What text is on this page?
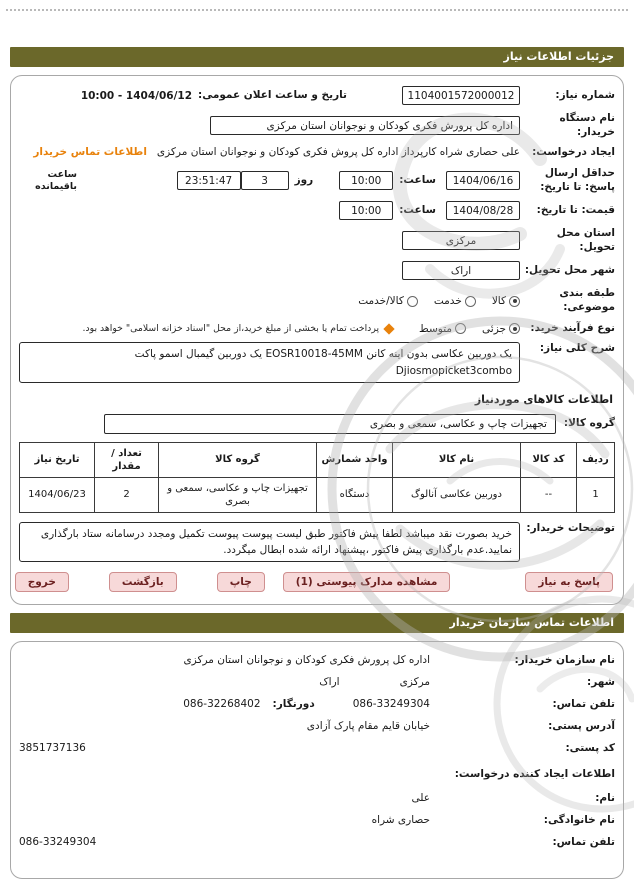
جزئیات اطلاعات نیاز
شماره نیاز:
1104001572000012
تاریخ و ساعت اعلان عمومی:
10:00 - 1404/06/12
نام دستگاه خریدار:
اداره کل پرورش فکری کودکان و نوجوانان استان مرکزی
ایجاد درخواست:
علی حصاری شراه کارپرداز اداره کل پروش فکری کودکان و نوجوانان استان مرکزی
اطلاعات تماس خریدار
حداقل ارسال پاسخ: تا تاریخ:
1404/06/16
ساعت:
10:00
روز
3
23:51:47
ساعت باقیمانده
قیمت: تا تاریخ:
1404/08/28
ساعت:
10:00
استان محل تحویل:
مرکزی
شهر محل تحویل:
اراک
طبقه بندی موضوعی:
کالا
خدمت
کالا/خدمت
نوع فرآیند خرید:
جزئی
متوسط
پرداخت تمام یا بخشی از مبلغ خرید،از محل "اسناد خزانه اسلامی" خواهد بود.
شرح کلی نیاز:
یک دوربین عکاسی بدون اینه کانن EOSR10018-45MM یک دوربین گیمبال اسمو پاکت Djiosmopicket3combo
اطلاعات کالاهای موردنیاز
گروه کالا:
تجهیزات چاپ و عکاسی، سمعی و بصری
ردیف	کد کالا	نام کالا	واحد شمارش	گروه کالا	تعداد / مقدار	تاریخ نیاز
1	--	دوربین عکاسی آنالوگ	دستگاه	تجهیزات چاپ و عکاسی، سمعی و بصری	2	1404/06/23
توضیحات خریدار:
خرید بصورت نقد میباشد لطفا پیش فاکتور طبق لیست پیوست پیوست تکمیل ومجدد درسامانه ستاد بارگذاری نمایید.عدم بارگذاری پیش فاکتور ،پیشنهاد ارائه شده ابطال میگردد.
پاسخ به نیاز
مشاهده مدارک پیوستی (1)
چاپ
بازگشت
خروج
اطلاعات تماس سازمان خریدار
نام سازمان خریدار:
اداره کل پرورش فکری کودکان و نوجوانان استان مرکزی
شهر:
مرکزی
اراک
تلفن تماس:
086-33249304
دورنگار:
086-32268402
آدرس پستی:
خیابان قایم مقام پارک آزادی
کد پستی:
3851737136
اطلاعات ایجاد کننده درخواست:
نام:
علی
نام خانوادگی:
حصاری شراه
تلفن تماس:
086-33249304
